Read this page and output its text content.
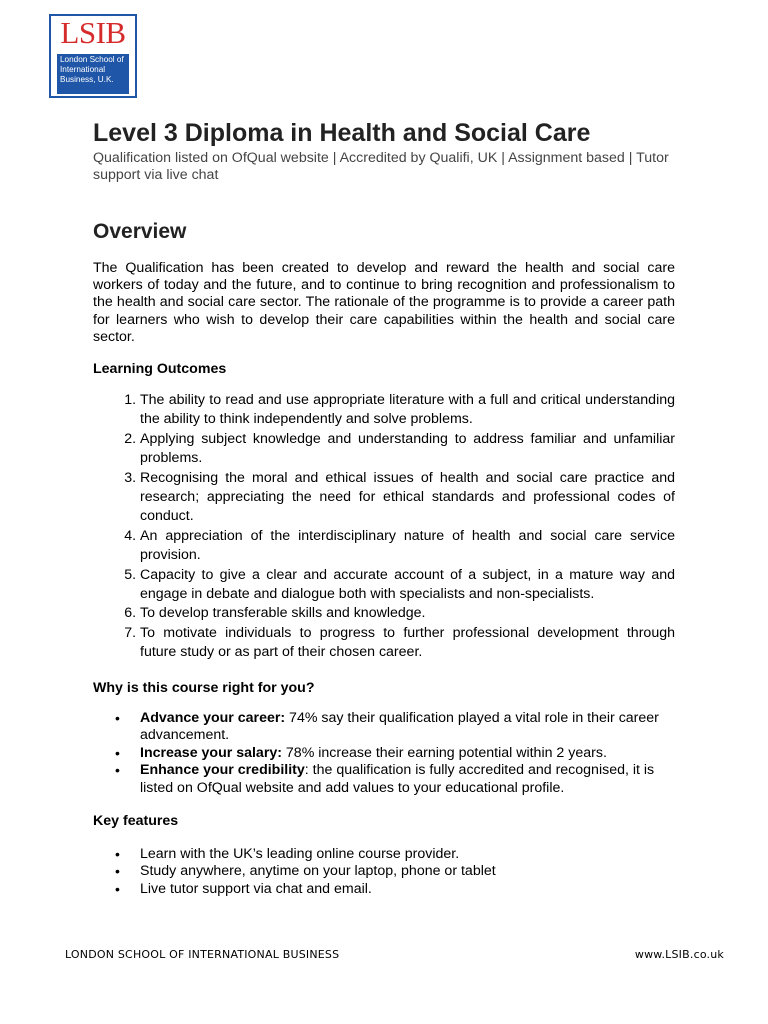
LSIB
London School of
International
Business, U.K.
Level 3 Diploma in Health and Social Care
Qualification listed on OfQual website | Accredited by Qualifi, UK | Assignment based | Tutor support via live chat
Overview
The Qualification has been created to develop and reward the health and social care workers of today and the future, and to continue to bring recognition and professionalism to the health and social care sector. The rationale of the programme is to provide a career path for learners who wish to develop their care capabilities within the health and social care sector.
Learning Outcomes
1. The ability to read and use appropriate literature with a full and critical understanding the ability to think independently and solve problems.
2. Applying subject knowledge and understanding to address familiar and unfamiliar problems.
3. Recognising the moral and ethical issues of health and social care practice and research; appreciating the need for ethical standards and professional codes of conduct.
4. An appreciation of the interdisciplinary nature of health and social care service provision.
5. Capacity to give a clear and accurate account of a subject, in a mature way and engage in debate and dialogue both with specialists and non-specialists.
6. To develop transferable skills and knowledge.
7. To motivate individuals to progress to further professional development through future study or as part of their chosen career.
Why is this course right for you?
• Advance your career: 74% say their qualification played a vital role in their career advancement.
• Increase your salary: 78% increase their earning potential within 2 years.
• Enhance your credibility: the qualification is fully accredited and recognised, it is listed on OfQual website and add values to your educational profile.
Key features
• Learn with the UK’s leading online course provider.
• Study anywhere, anytime on your laptop, phone or tablet
• Live tutor support via chat and email.
LONDON SCHOOL OF INTERNATIONAL BUSINESS	www.LSIB.co.uk
